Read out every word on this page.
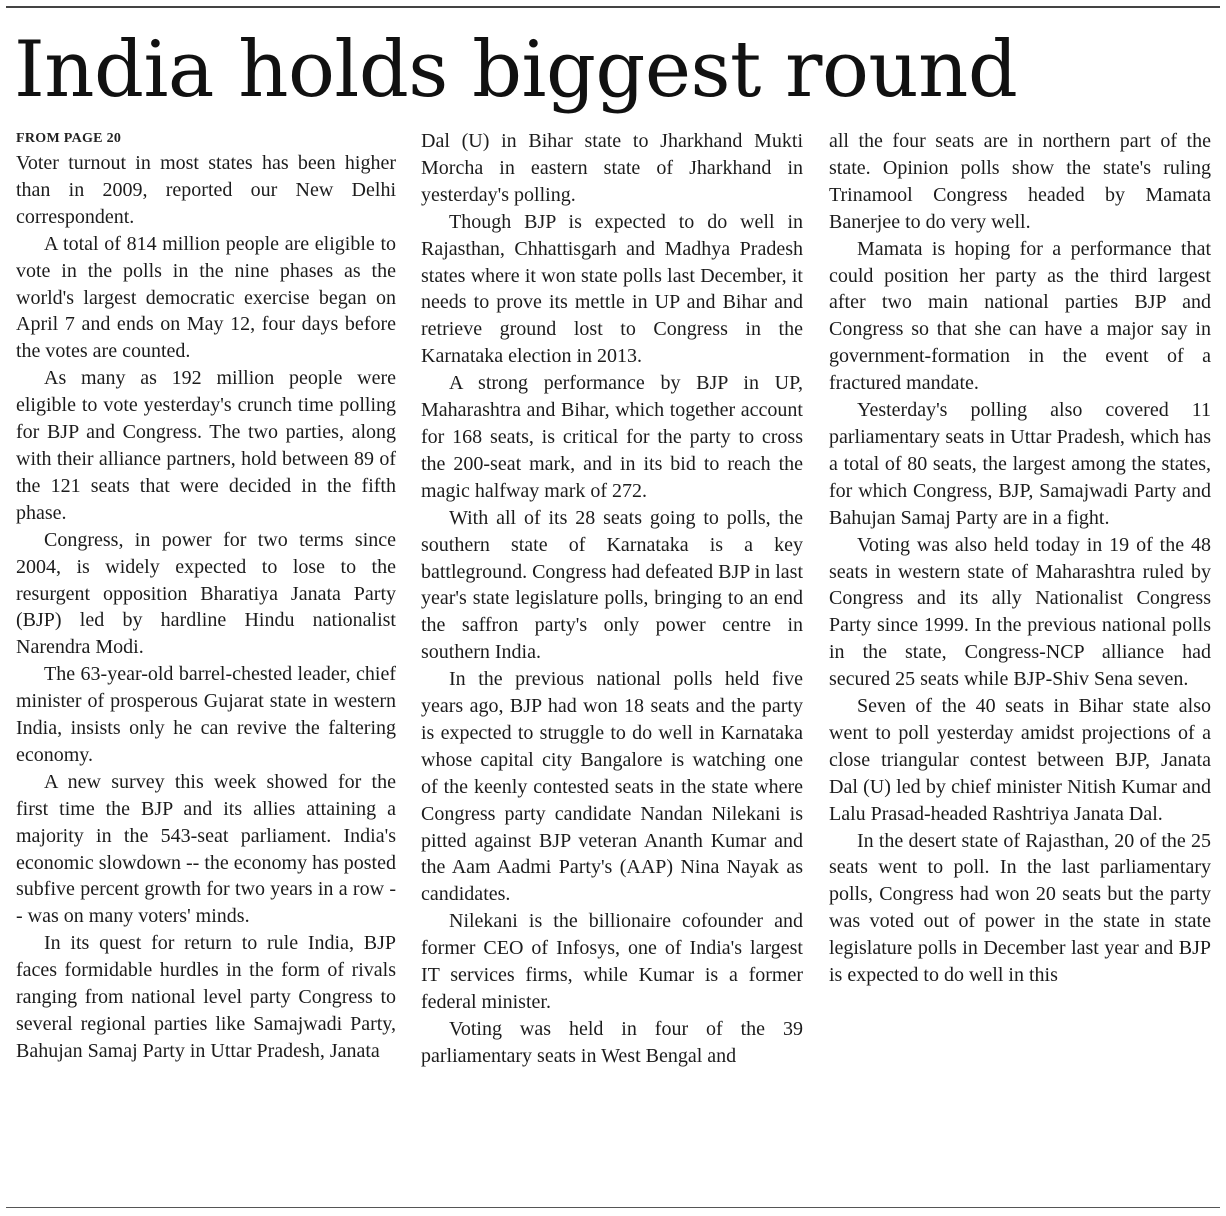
India holds biggest round
FROM PAGE 20

Voter turnout in most states has been higher than in 2009, reported our New Delhi correspondent.

A total of 814 million people are eligible to vote in the polls in the nine phases as the world's largest democratic exercise began on April 7 and ends on May 12, four days before the votes are counted.

As many as 192 million people were eligible to vote yesterday's crunch time polling for BJP and Congress. The two parties, along with their alliance partners, hold between 89 of the 121 seats that were decided in the fifth phase.

Congress, in power for two terms since 2004, is widely expected to lose to the resurgent opposition Bharatiya Janata Party (BJP) led by hardline Hindu nationalist Narendra Modi.

The 63-year-old barrel-chested leader, chief minister of prosperous Gujarat state in western India, insists only he can revive the faltering economy.

A new survey this week showed for the first time the BJP and its allies attaining a majority in the 543-seat parliament. India's economic slowdown -- the economy has posted subfive percent growth for two years in a row -- was on many voters' minds.

In its quest for return to rule India, BJP faces formidable hurdles in the form of rivals ranging from national level party Congress to several regional parties like Samajwadi Party, Bahujan Samaj Party in Uttar Pradesh, Janata

Dal (U) in Bihar state to Jharkhand Mukti Morcha in eastern state of Jharkhand in yesterday's polling.

Though BJP is expected to do well in Rajasthan, Chhattisgarh and Madhya Pradesh states where it won state polls last December, it needs to prove its mettle in UP and Bihar and retrieve ground lost to Congress in the Karnataka election in 2013.

A strong performance by BJP in UP, Maharashtra and Bihar, which together account for 168 seats, is critical for the party to cross the 200-seat mark, and in its bid to reach the magic halfway mark of 272.

With all of its 28 seats going to polls, the southern state of Karnataka is a key battleground. Congress had defeated BJP in last year's state legislature polls, bringing to an end the saffron party's only power centre in southern India.

In the previous national polls held five years ago, BJP had won 18 seats and the party is expected to struggle to do well in Karnataka whose capital city Bangalore is watching one of the keenly contested seats in the state where Congress party candidate Nandan Nilekani is pitted against BJP veteran Ananth Kumar and the Aam Aadmi Party's (AAP) Nina Nayak as candidates.

Nilekani is the billionaire cofounder and former CEO of Infosys, one of India's largest IT services firms, while Kumar is a former federal minister.

Voting was held in four of the 39 parliamentary seats in West Bengal and

all the four seats are in northern part of the state. Opinion polls show the state's ruling Trinamool Congress headed by Mamata Banerjee to do very well.

Mamata is hoping for a performance that could position her party as the third largest after two main national parties BJP and Congress so that she can have a major say in government-formation in the event of a fractured mandate.

Yesterday's polling also covered 11 parliamentary seats in Uttar Pradesh, which has a total of 80 seats, the largest among the states, for which Congress, BJP, Samajwadi Party and Bahujan Samaj Party are in a fight.

Voting was also held today in 19 of the 48 seats in western state of Maharashtra ruled by Congress and its ally Nationalist Congress Party since 1999. In the previous national polls in the state, Congress-NCP alliance had secured 25 seats while BJP-Shiv Sena seven.

Seven of the 40 seats in Bihar state also went to poll yesterday amidst projections of a close triangular contest between BJP, Janata Dal (U) led by chief minister Nitish Kumar and Lalu Prasad-headed Rashtriya Janata Dal.

In the desert state of Rajasthan, 20 of the 25 seats went to poll. In the last parliamentary polls, Congress had won 20 seats but the party was voted out of power in the state in state legislature polls in December last year and BJP is expected to do well in this
